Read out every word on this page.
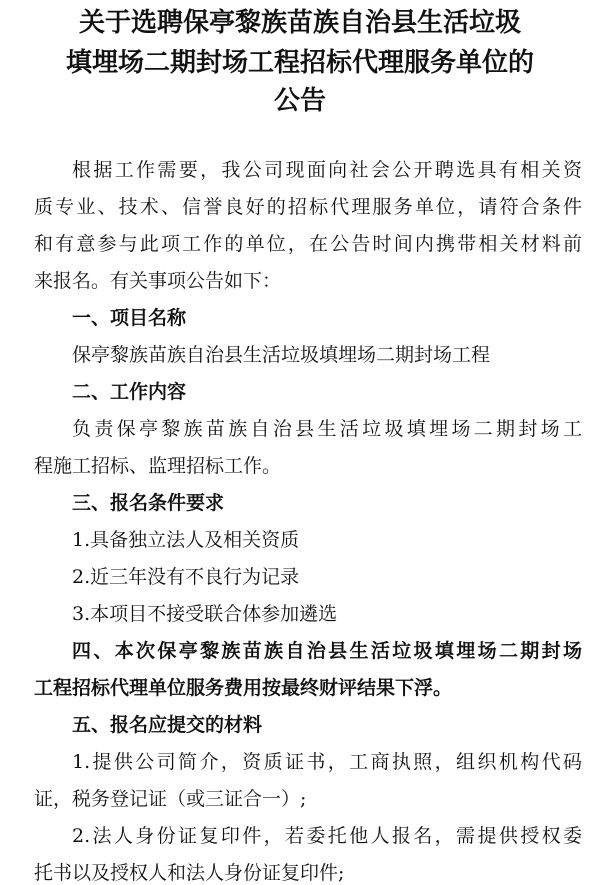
关于选聘保亭黎族苗族自治县生活垃圾
填埋场二期封场工程招标代理服务单位的
公告
根据工作需要，我公司现面向社会公开聘选具有相关资
质专业、技术、信誉良好的招标代理服务单位，请符合条件
和有意参与此项工作的单位，在公告时间内携带相关材料前
来报名。有关事项公告如下：
一、项目名称
保亭黎族苗族自治县生活垃圾填埋场二期封场工程
二、工作内容
负责保亭黎族苗族自治县生活垃圾填埋场二期封场工
程施工招标、监理招标工作。
三、报名条件要求
1.具备独立法人及相关资质
2.近三年没有不良行为记录
3.本项目不接受联合体参加遴选
四、本次保亭黎族苗族自治县生活垃圾填埋场二期封场
工程招标代理单位服务费用按最终财评结果下浮。
五、报名应提交的材料
1.提供公司简介，资质证书，工商执照，组织机构代码
证，税务登记证（或三证合一）;
2.法人身份证复印件，若委托他人报名，需提供授权委
托书以及授权人和法人身份证复印件;
